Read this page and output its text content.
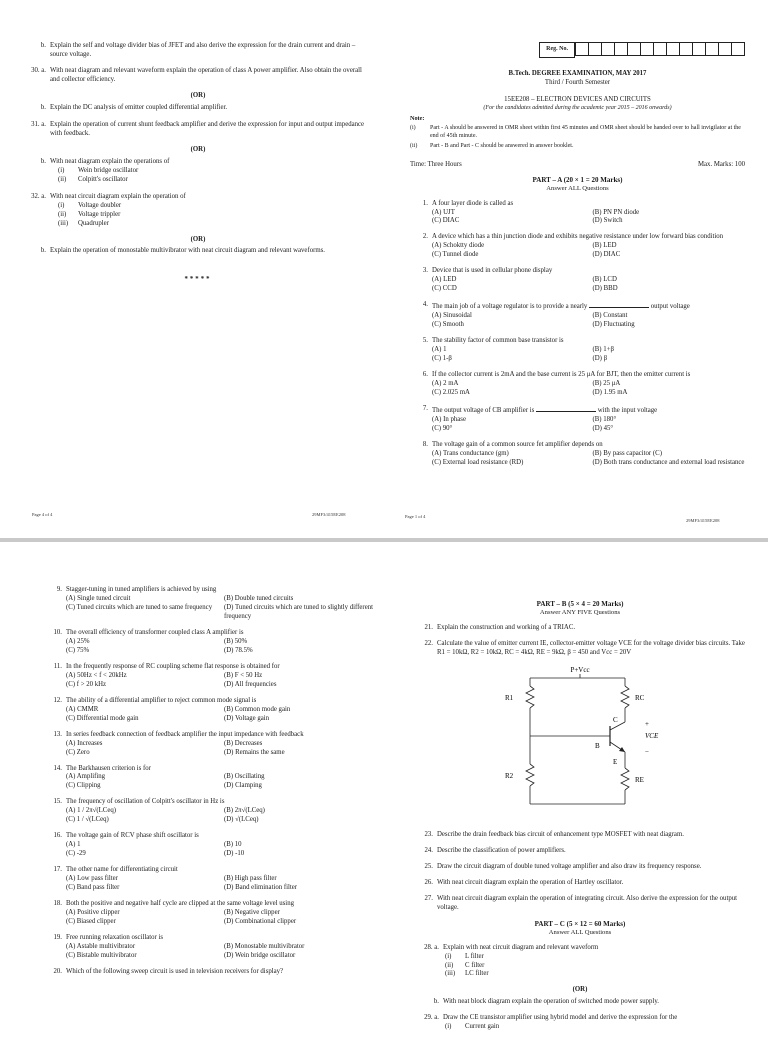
b. Explain the self and voltage divider bias of JFET and also derive the expression for the drain current and drain –source voltage.
30. a. With neat diagram and relevant waveform explain the operation of class A power amplifier. Also obtain the overall and collector efficiency.
(OR)
b. Explain the DC analysis of emitter coupled differential amplifier.
31. a. Explain the operation of current shunt feedback amplifier and derive the expression for input and output impedance with feedback.
(OR)
b. With neat diagram explain the operations of
(i)	Wein bridge oscillator
(ii)	Colpitt's oscillator
32. a. With neat circuit diagram explain the operation of
(i)	Voltage doubler
(ii)	Voltage trippler
(iii)	Quadrupler
(OR)
b. Explain the operation of monostable multivibrator with neat circuit diagram and relevant waveforms.
*****
Page 4 of 4	29MF3/415EE208
Reg. No.
B.Tech. DEGREE EXAMINATION, MAY 2017
Third / Fourth Semester
15EE208 – ELECTRON DEVICES AND CIRCUITS
(For the candidates admitted during the academic year 2015 – 2016 onwards)
Note:
(i)	Part - A should be answered in OMR sheet within first 45 minutes and OMR sheet should be handed over to hall invigilator at the end of 45th minute.
(ii)	Part - B and Part - C should be answered in answer booklet.
Time: Three Hours	Max. Marks: 100
PART – A (20 × 1 = 20 Marks)
Answer ALL Questions
1. A four layer diode is called as
(A) UJT	(B) PN PN diode
(C) DIAC	(D) Switch
2. A device which has a thin junction diode and exhibits negative resistance under low forward bias condition
(A) Schoktty diode	(B) LED
(C) Tunnel diode	(D) DIAC
3. Device that is used in cellular phone display
(A) LED	(B) LCD
(C) CCD	(D) BBD
4. The main job of a voltage regulator is to provide a nearly	output voltage
(A) Sinusoidal	(B) Constant
(C) Smooth	(D) Fluctuating
5. The stability factor of common base transistor is
(A) 1	(B) 1+β
(C) 1-β	(D) β
6. If the collector current is 2mA and the base current is 25 μA for BJT, then the emitter current is
(A) 2 mA	(B) 25 μA
(C) 2.025 mA	(D) 1.95 mA
7. The output voltage of CB amplifier is	with the input voltage
(A) In phase	(B) 180°
(C) 90°	(D) 45°
8. The voltage gain of a common source fet amplifier depends on
(A) Trans conductance (gm)	(B) By pass capacitor (C)
(C) External load resistance (RD)	(D) Both trans conductance and external load resistance
Page 1 of 4
29MF3/415EE208
9. Stagger-tuning in tuned amplifiers is achieved by using
(A) Single tuned circuit	(B) Double tuned circuits
(C) Tuned circuits which are tuned to same frequency	(D) Tuned circuits which are tuned to slightly different frequency
10. The overall efficiency of transformer coupled class A amplifier is
(A) 25%	(B) 50%
(C) 75%	(D) 78.5%
11. In the frequently response of RC coupling scheme flat response is obtained for
(A) 50Hz < f < 20kHz	(B) F < 50 Hz
(C) f > 20 kHz	(D) All frequencies
12. The ability of a differential amplifier to reject common mode signal is
(A) CMMR	(B) Common mode gain
(C) Differential mode gain	(D) Voltage gain
13. In series feedback connection of feedback amplifier the input impedance with feedback
(A) Increases	(B) Decreases
(C) Zero	(D) Remains the same
14. The Barkhausen criterion is for
(A) Amplifing	(B) Oscillating
(C) Clipping	(D) Clamping
15. The frequency of oscillation of Colpitt's oscillator in Hz is
(A) 1 / 2π√(LCeq)	(B) 2π√(LCeq)
(C) 1 / √(LCeq)	(D) √(LCeq)
16. The voltage gain of RCV phase shift oscillator is
(A) 1	(B) 10
(C) -29	(D) -10
17. The other name for differentiating circuit
(A) Low pass filter	(B) High pass filter
(C) Band pass filter	(D) Band elimination filter
18. Both the positive and negative half cycle are clipped at the same voltage level using
(A) Positive clipper	(B) Negative clipper
(C) Biased clipper	(D) Combinational clipper
19. Free running relaxation oscillator is
(A) Astable multivibrator	(B) Monostable multivibrator
(C) Bistable multivibrator	(D) Wein bridge oscillator
20. Which of the following sweep circuit is used in television receivers for display?
PART – B (5 × 4 = 20 Marks)
Answer ANY FIVE Questions
21. Explain the construction and working of a TRIAC.
22. Calculate the value of emitter current IE, collector-emitter voltage VCE for the voltage divider bias circuits. Take R1 = 10kΩ, R2 = 10kΩ, RC = 4kΩ, RE = 9kΩ, β = 450 and Vcc = 20V
P+Vcc
R1	RC
C
B
+
VCE
−
E
R2	RE
23. Describe the drain feedback bias circuit of enhancement type MOSFET with neat diagram.
24. Describe the classification of power amplifiers.
25. Draw the circuit diagram of double tuned voltage amplifier and also draw its frequency response.
26. With neat circuit diagram explain the operation of Hartley oscillator.
27. With neat circuit diagram explain the operation of integrating circuit. Also derive the expression for the output voltage.
PART – C (5 × 12 = 60 Marks)
Answer ALL Questions
28. a. Explain with neat circuit diagram and relevant waveform
(i)	L filter
(ii)	C filter
(iii)	LC filter
(OR)
b. With neat block diagram explain the operation of switched mode power supply.
29. a. Draw the CE transistor amplifier using hybrid model and derive the expression for the
(i)	Current gain
